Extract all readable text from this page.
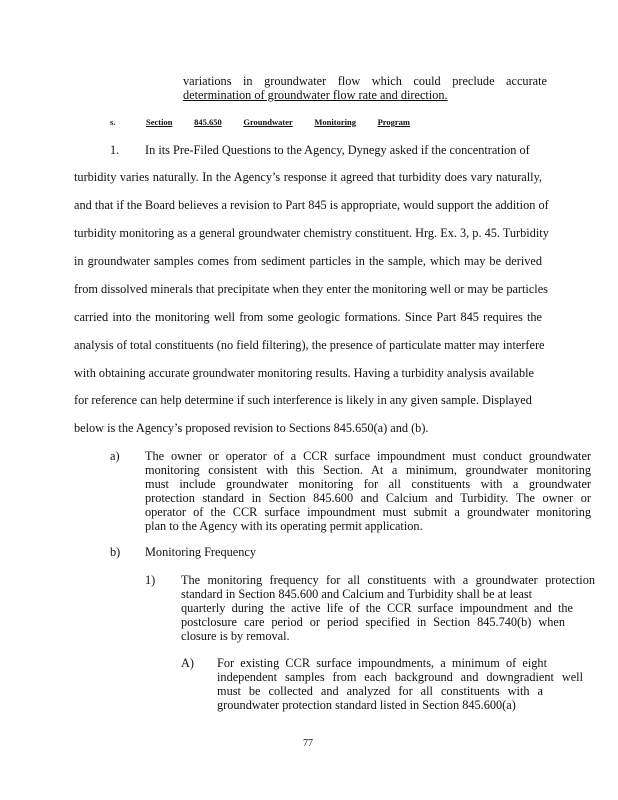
variations in groundwater flow which could preclude accurate
determination of groundwater flow rate and direction.
s.	Section	845.650	Groundwater	Monitoring	Program
1. In its Pre-Filed Questions to the Agency, Dynegy asked if the concentration of
turbidity varies naturally. In the Agency’s response it agreed that turbidity does vary naturally,
and that if the Board believes a revision to Part 845 is appropriate, would support the addition of
turbidity monitoring as a general groundwater chemistry constituent. Hrg. Ex. 3, p. 45. Turbidity
in groundwater samples comes from sediment particles in the sample, which may be derived
from dissolved minerals that precipitate when they enter the monitoring well or may be particles
carried into the monitoring well from some geologic formations. Since Part 845 requires the
analysis of total constituents (no field filtering), the presence of particulate matter may interfere
with obtaining accurate groundwater monitoring results. Having a turbidity analysis available
for reference can help determine if such interference is likely in any given sample. Displayed
below is the Agency’s proposed revision to Sections 845.650(a) and (b).
a) The owner or operator of a CCR surface impoundment must conduct groundwater
monitoring consistent with this Section. At a minimum, groundwater monitoring
must include groundwater monitoring for all constituents with a groundwater
protection standard in Section 845.600 and Calcium and Turbidity. The owner or
operator of the CCR surface impoundment must submit a groundwater monitoring
plan to the Agency with its operating permit application.
b) Monitoring Frequency
1) The monitoring frequency for all constituents with a groundwater protection
standard in Section 845.600 and Calcium and Turbidity shall be at least
quarterly during the active life of the CCR surface impoundment and the
postclosure care period or period specified in Section 845.740(b) when
closure is by removal.
A) For existing CCR surface impoundments, a minimum of eight
independent samples from each background and downgradient well
must be collected and analyzed for all constituents with a
groundwater protection standard listed in Section 845.600(a)
77
